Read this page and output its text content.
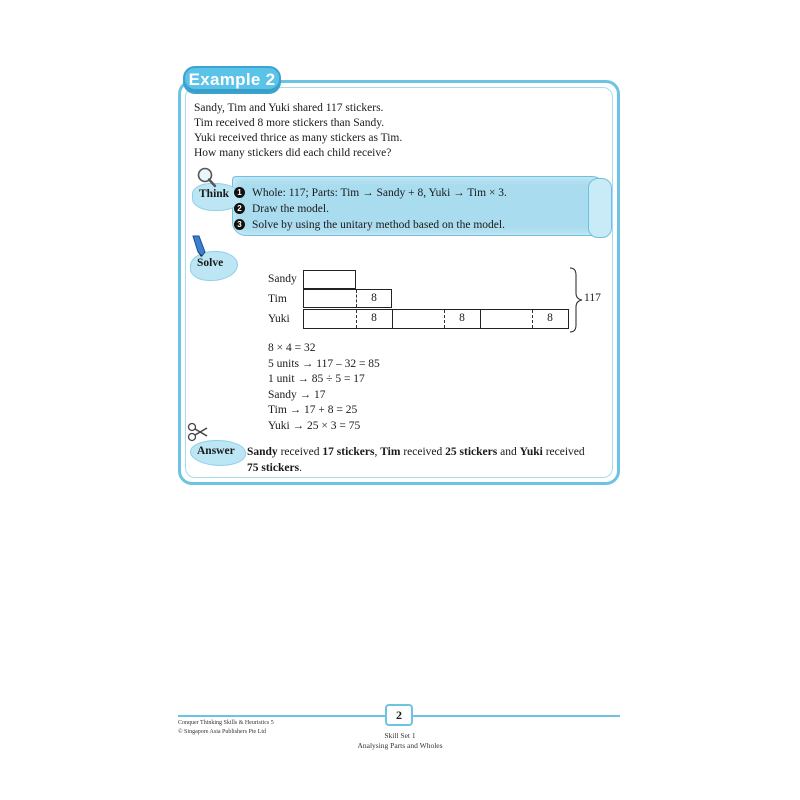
Example 2
Sandy, Tim and Yuki shared 117 stickers.
Tim received 8 more stickers than Sandy.
Yuki received thrice as many stickers as Tim.
How many stickers did each child receive?
Think	1 Whole: 117; Parts: Tim → Sandy + 8, Yuki → Tim × 3.
2 Draw the model.
3 Solve by using the unitary method based on the model.
Solve
Sandy
Tim
Yuki
8
8	8	8
117
8 × 4 = 32
5 units → 117 – 32 = 85
1 unit → 85 ÷ 5 = 17
Sandy → 17
Tim → 17 + 8 = 25
Yuki → 25 × 3 = 75
Answer Sandy received 17 stickers, Tim received 25 stickers and Yuki received 75 stickers.
2
Conquer Thinking Skills & Heuristics 5
© Singapore Asia Publishers Pte Ltd	Skill Set 1
Analysing Parts and Wholes
